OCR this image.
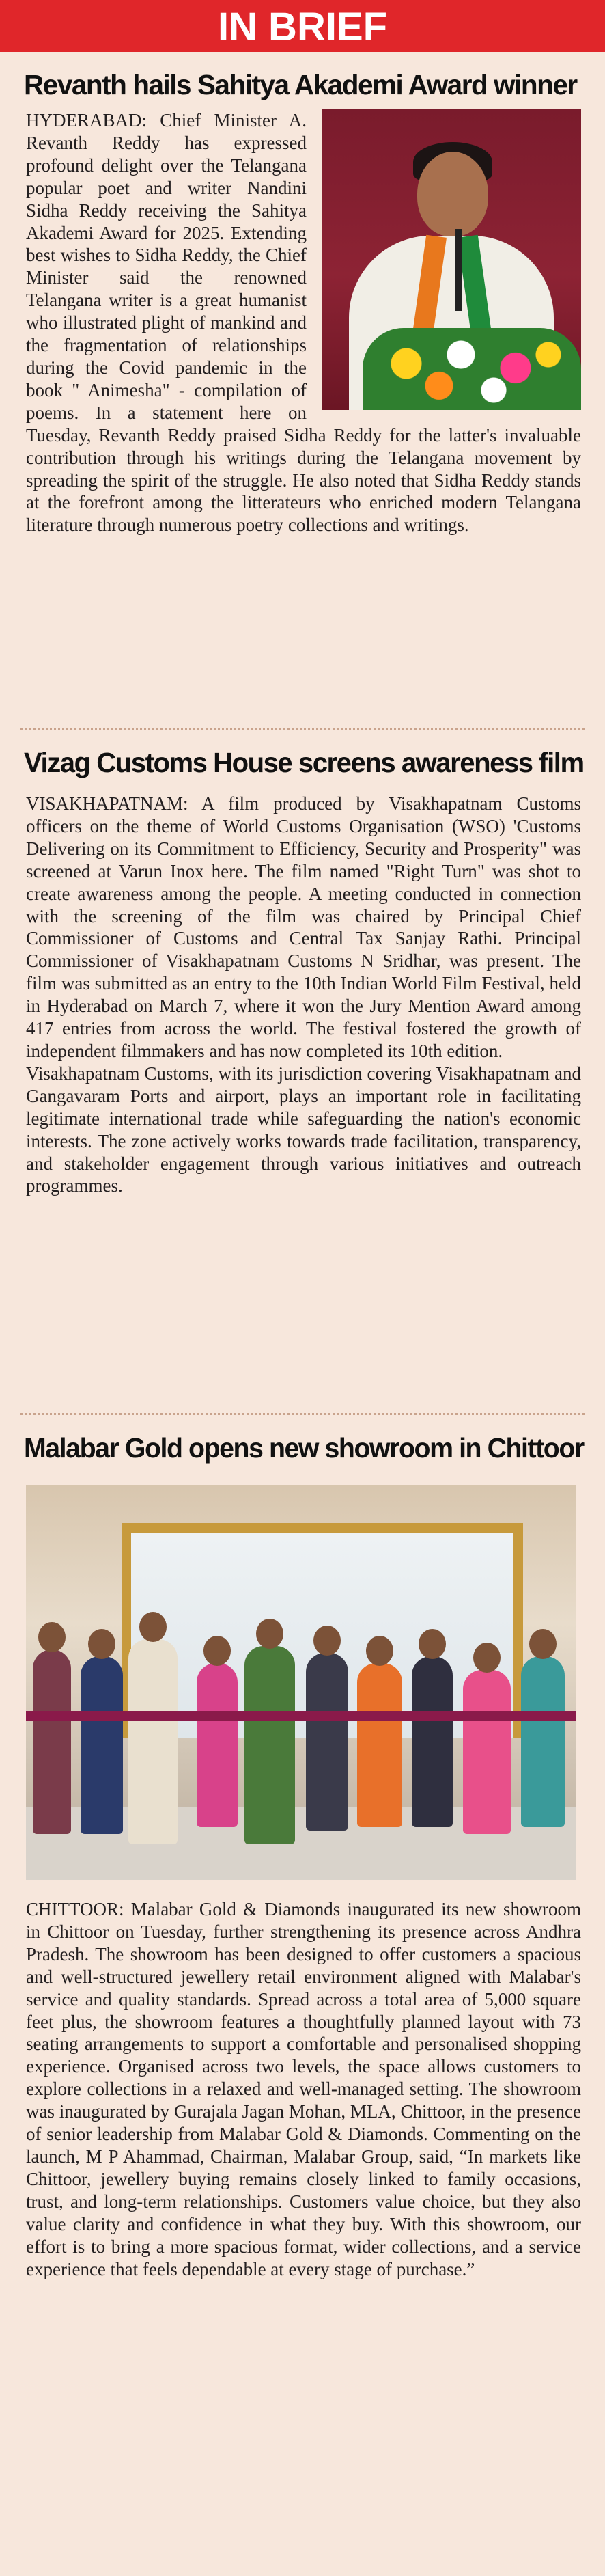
IN BRIEF
Revanth hails Sahitya Akademi Award winner

HYDERABAD: Chief Minister A. Revanth Reddy has expressed profound delight over the Telangana popular poet and writer Nandini Sidha Reddy receiving the Sahitya Akademi Award for 2025. Extending best wishes to Sidha Reddy, the Chief Minister said the renowned Telangana writer is a great humanist who illustrated plight of mankind and the fragmentation of relationships during the Covid pandemic in the book " Animesha" - compilation of poems. In a statement here on Tuesday, Revanth Reddy praised Sidha Reddy for the latter's invaluable contribution through his writings during the Telangana movement by spreading the spirit of the struggle. He also noted that Sidha Reddy stands at the forefront among the litterateurs who enriched modern Telangana literature through numerous poetry collections and writings.

Vizag Customs House screens awareness film

VISAKHAPATNAM: A film produced by Visakhapatnam Customs officers on the theme of World Customs Organisation (WSO) 'Customs Delivering on its Commitment to Efficiency, Security and Prosperity" was screened at Varun Inox here. The film named "Right Turn" was shot to create awareness among the people. A meeting conducted in connection with the screening of the film was chaired by Principal Chief Commissioner of Customs and Central Tax Sanjay Rathi. Principal Commissioner of Visakhapatnam Customs N Sridhar, was present. The film was submitted as an entry to the 10th Indian World Film Festival, held in Hyderabad on March 7, where it won the Jury Mention Award among 417 entries from across the world. The festival fostered the growth of independent filmmakers and has now completed its 10th edition.

Visakhapatnam Customs, with its jurisdiction covering Visakhapatnam and Gangavaram Ports and airport, plays an important role in facilitating legitimate international trade while safeguarding the nation's economic interests. The zone actively works towards trade facilitation, transparency, and stakeholder engagement through various initiatives and outreach programmes.

Malabar Gold opens new showroom in Chittoor

CHITTOOR: Malabar Gold & Diamonds inaugurated its new showroom in Chittoor on Tuesday, further strengthening its presence across Andhra Pradesh. The showroom has been designed to offer customers a spacious and well-structured jewellery retail environment aligned with Malabar's service and quality standards. Spread across a total area of 5,000 square feet plus, the showroom features a thoughtfully planned layout with 73 seating arrangements to support a comfortable and personalised shopping experience. Organised across two levels, the space allows customers to explore collections in a relaxed and well-managed setting. The showroom was inaugurated by Gurajala Jagan Mohan, MLA, Chittoor, in the presence of senior leadership from Malabar Gold & Diamonds. Commenting on the launch, M P Ahammad, Chairman, Malabar Group, said, “In markets like Chittoor, jewellery buying remains closely linked to family occasions, trust, and long-term relationships. Customers value choice, but they also value clarity and confidence in what they buy. With this showroom, our effort is to bring a more spacious format, wider collections, and a service experience that feels dependable at every stage of purchase.”
